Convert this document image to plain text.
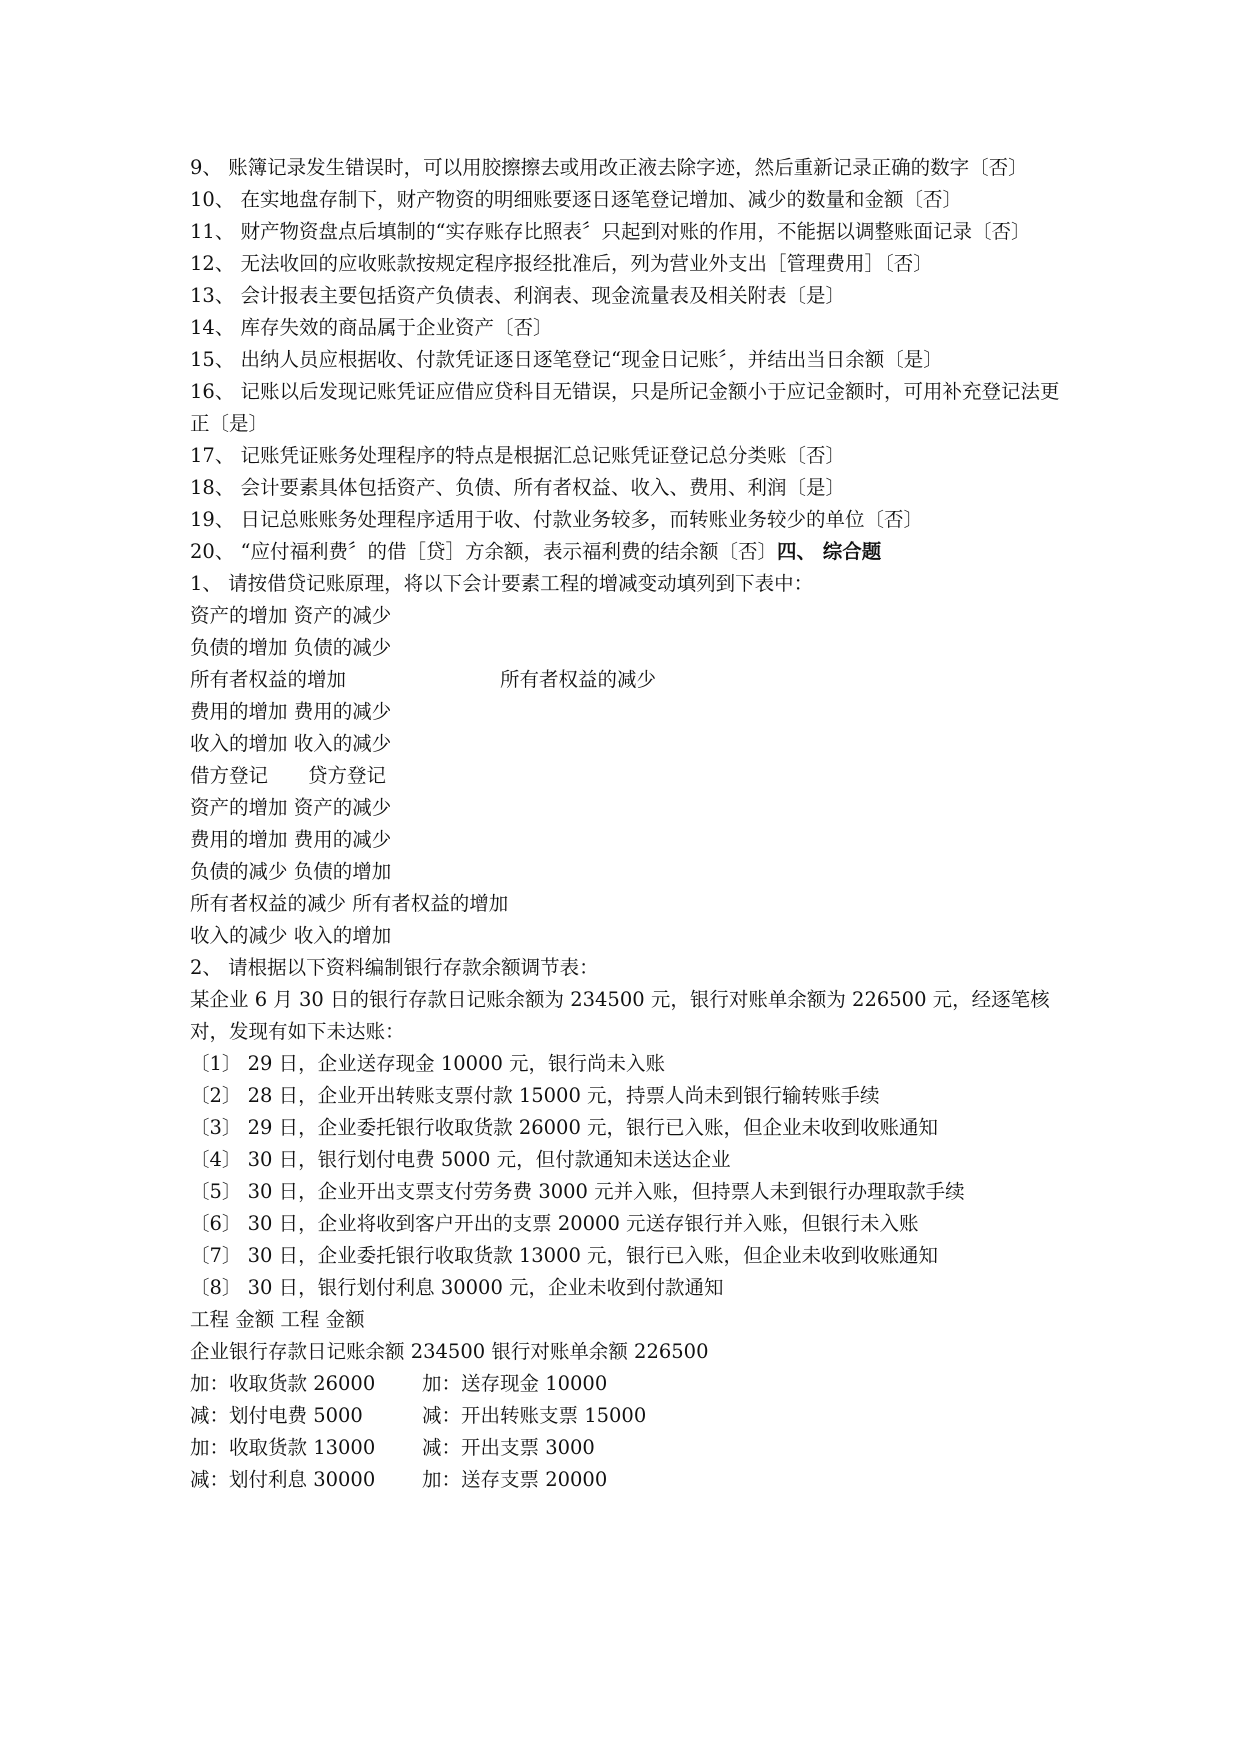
9、 账簿记录发生错误时，可以用胶擦擦去或用改正液去除字迹，然后重新记录正确的数字〔否〕
10、 在实地盘存制下，财产物资的明细账要逐日逐笔登记增加、减少的数量和金额〔否〕
11、 财产物资盘点后填制的“实存账存比照表〞只起到对账的作用，不能据以调整账面记录〔否〕
12、 无法收回的应收账款按规定程序报经批准后，列为营业外支出［管理费用］〔否〕
13、 会计报表主要包括资产负债表、利润表、现金流量表及相关附表〔是〕
14、 库存失效的商品属于企业资产〔否〕
15、 出纳人员应根据收、付款凭证逐日逐笔登记“现金日记账〞，并结出当日余额〔是〕
16、 记账以后发现记账凭证应借应贷科目无错误，只是所记金额小于应记金额时，可用补充登记法更正〔是〕
17、 记账凭证账务处理程序的特点是根据汇总记账凭证登记总分类账〔否〕
18、 会计要素具体包括资产、负债、所有者权益、收入、费用、利润〔是〕
19、 日记总账账务处理程序适用于收、付款业务较多，而转账业务较少的单位〔否〕
20、 “应付福利费〞的借［贷］方余额，表示福利费的结余额〔否〕四、 综合题
1、 请按借贷记账原理，将以下会计要素工程的增减变动填列到下表中：
资产的增加 资产的减少
负债的增加 负债的减少
所有者权益的增加	所有者权益的减少
费用的增加 费用的减少
收入的增加 收入的减少
借方登记 贷方登记
资产的增加 资产的减少
费用的增加 费用的减少
负债的减少 负债的增加
所有者权益的减少 所有者权益的增加
收入的减少 收入的增加
2、 请根据以下资料编制银行存款余额调节表：
某企业 6 月 30 日的银行存款日记账余额为 234500 元，银行对账单余额为 226500 元，经逐笔核对，发现有如下未达账：
〔1〕 29 日，企业送存现金 10000 元，银行尚未入账
〔2〕 28 日，企业开出转账支票付款 15000 元，持票人尚未到银行输转账手续
〔3〕 29 日，企业委托银行收取货款 26000 元，银行已入账，但企业未收到收账通知
〔4〕 30 日，银行划付电费 5000 元，但付款通知未送达企业
〔5〕 30 日，企业开出支票支付劳务费 3000 元并入账，但持票人未到银行办理取款手续
〔6〕 30 日，企业将收到客户开出的支票 20000 元送存银行并入账，但银行未入账
〔7〕 30 日，企业委托银行收取货款 13000 元，银行已入账，但企业未收到收账通知
〔8〕 30 日，银行划付利息 30000 元，企业未收到付款通知
工程 金额 工程 金额
企业银行存款日记账余额 234500 银行对账单余额 226500
加：收取货款 26000 加：送存现金 10000
减：划付电费 5000	减：开出转账支票 15000
加：收取货款 13000 减：开出支票 3000
减：划付利息 30000 加：送存支票 20000
